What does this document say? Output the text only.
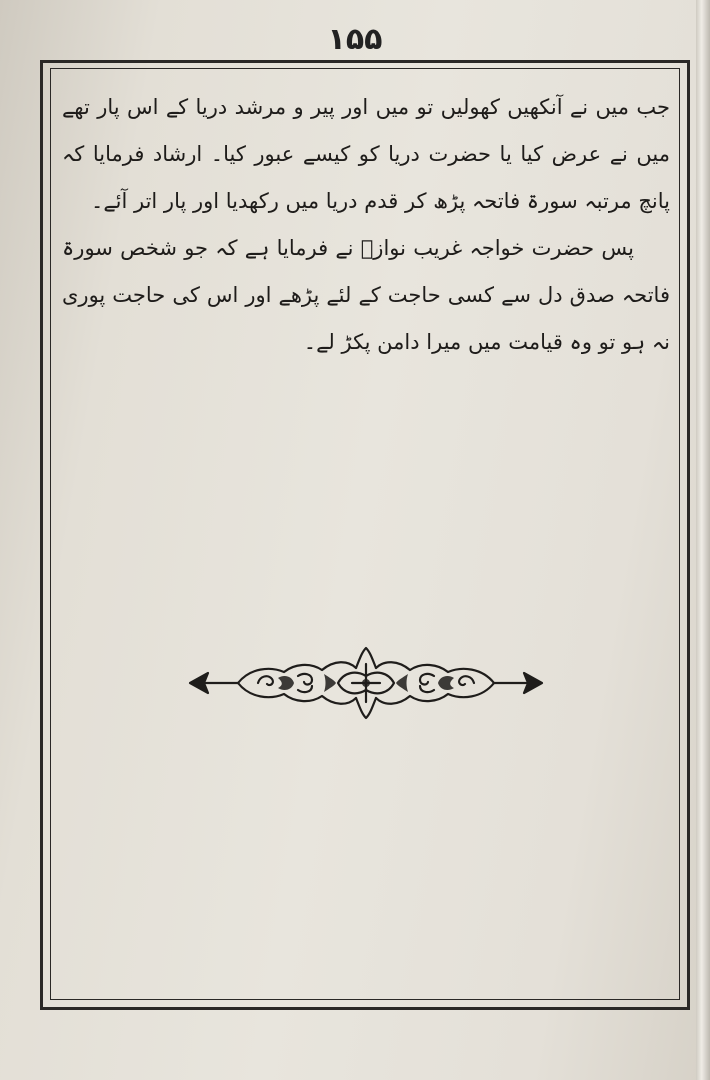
۱۵۵

جب میں نے آنکھیں کھولیں تو میں اور پیر و مرشد دریا کے اس پار تھے میں نے عرض کیا یا حضرت دریا کو کیسے عبور کیا۔ ارشاد فرمایا کہ پانچ مرتبہ سورۃ فاتحہ پڑھ کر قدم دریا میں رکھدیا اور پار اتر آئے۔

پس حضرت خواجہ غریب نوازؒ نے فرمایا ہے کہ جو شخص سورۃ فاتحہ صدق دل سے کسی حاجت کے لئے پڑھے اور اس کی حاجت پوری نہ ہو تو وہ قیامت میں میرا دامن پکڑ لے۔
